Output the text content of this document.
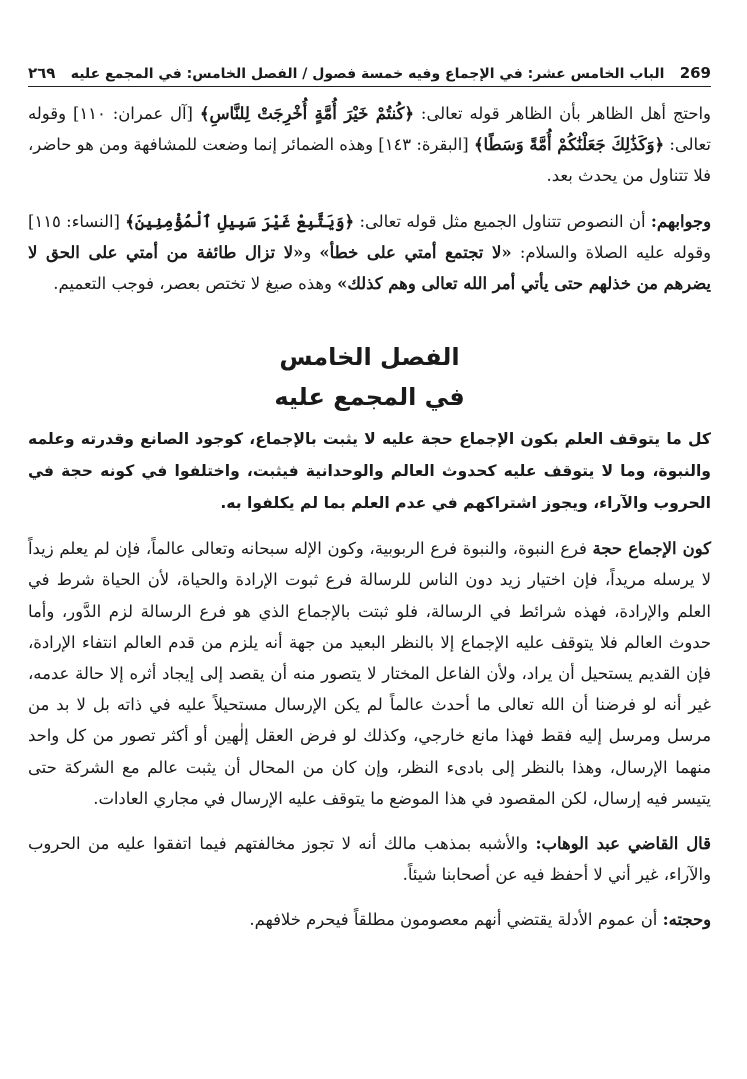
٢٦٩ الباب الخامس عشر: في الإجماع وفيه خمسة فصول / الفصل الخامس: في المجمع عليه 269

واحتج أهل الظاهر بأن الظاهر قوله تعالى: ﴿كُنتُمْ خَيْرَ أُمَّةٍ أُخْرِجَتْ لِلنَّاسِ﴾ [آل عمران: ١١٠] وقوله تعالى: ﴿وَكَذَٰلِكَ جَعَلْنَٰكُمْ أُمَّةً وَسَطًا﴾ [البقرة: ١٤٣] وهذه الضمائر إنما وضعت للمشافهة ومن هو حاضر، فلا تتناول من يحدث بعد.

وجوابهم: أن النصوص تتناول الجميع مثل قوله تعالى: ﴿وَيَتَّبِعْ غَيْرَ سَبِيلِ ٱلْمُؤْمِنِينَ﴾ [النساء: ١١٥] وقوله عليه الصلاة والسلام: «لا تجتمع أمتي على خطأ» و«لا تزال طائفة من أمتي على الحق لا يضرهم من خذلهم حتى يأتي أمر الله تعالى وهم كذلك» وهذه صيغ لا تختص بعصر، فوجب التعميم.

الفصل الخامس
في المجمع عليه

كل ما يتوقف العلم بكون الإجماع حجة عليه لا يثبت بالإجماع، كوجود الصانع وقدرته وعلمه والنبوة، وما لا يتوقف عليه كحدوث العالم والوحدانية فيثبت، واختلفوا في كونه حجة في الحروب والآراء، ويجوز اشتراكهم في عدم العلم بما لم يكلفوا به.

كون الإجماع حجة فرع النبوة، والنبوة فرع الربوبية، وكون الإله سبحانه وتعالى عالماً، فإن لم يعلم زيداً لا يرسله مريداً، فإن اختيار زيد دون الناس للرسالة فرع ثبوت الإرادة والحياة، لأن الحياة شرط في العلم والإرادة، فهذه شرائط في الرسالة، فلو ثبتت بالإجماع الذي هو فرع الرسالة لزم الدَّور، وأما حدوث العالم فلا يتوقف عليه الإجماع إلا بالنظر البعيد من جهة أنه يلزم من قدم العالم انتفاء الإرادة، فإن القديم يستحيل أن يراد، ولأن الفاعل المختار لا يتصور منه أن يقصد إلى إيجاد أثره إلا حالة عدمه، غير أنه لو فرضنا أن الله تعالى ما أحدث عالماً لم يكن الإرسال مستحيلاً عليه في ذاته بل لا بد من مرسل ومرسل إليه فقط فهذا مانع خارجي، وكذلك لو فرض العقل إلٰهين أو أكثر تصور من كل واحد منهما الإرسال، وهذا بالنظر إلى بادىء النظر، وإن كان من المحال أن يثبت عالم مع الشركة حتى يتيسر فيه إرسال، لكن المقصود في هذا الموضع ما يتوقف عليه الإرسال في مجاري العادات.

قال القاضي عبد الوهاب: والأشبه بمذهب مالك أنه لا تجوز مخالفتهم فيما اتفقوا عليه من الحروب والآراء، غير أني لا أحفظ فيه عن أصحابنا شيئاً.

وحجته: أن عموم الأدلة يقتضي أنهم معصومون مطلقاً فيحرم خلافهم.
